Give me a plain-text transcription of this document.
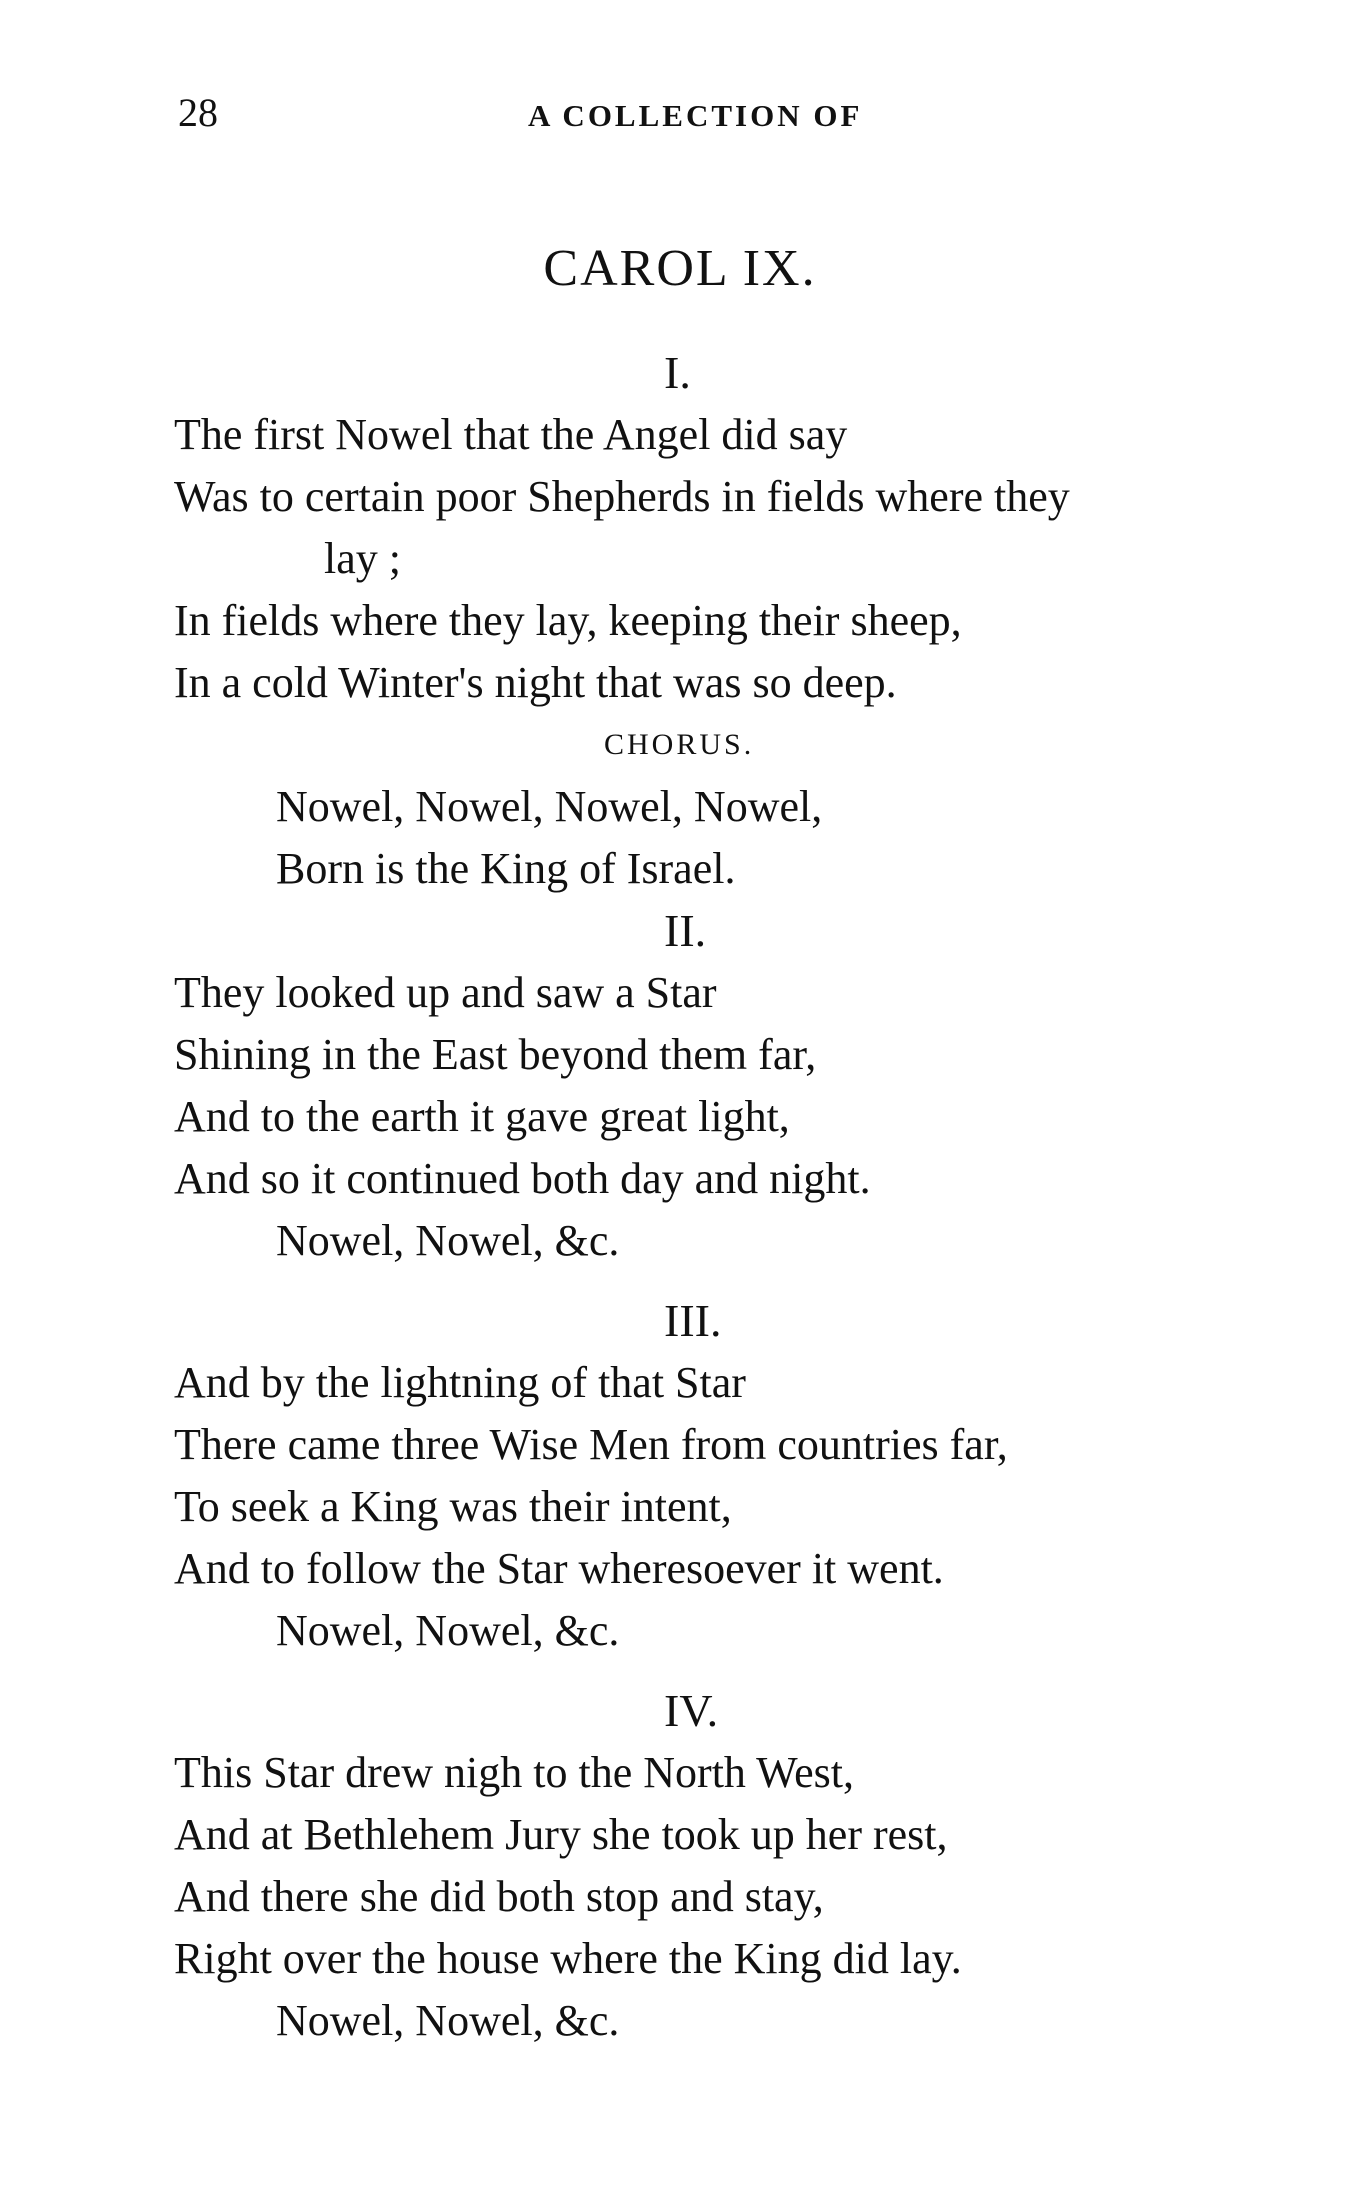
28	A COLLECTION OF
CAROL IX.
I.
The first Nowel that the Angel did say
Was to certain poor Shepherds in fields where they
lay ;
In fields where they lay, keeping their sheep,
In a cold Winter's night that was so deep.
CHORUS.
Nowel, Nowel, Nowel, Nowel,
Born is the King of Israel.
II.
They looked up and saw a Star
Shining in the East beyond them far,
And to the earth it gave great light,
And so it continued both day and night.
Nowel, Nowel, &c.
III.
And by the lightning of that Star
There came three Wise Men from countries far,
To seek a King was their intent,
And to follow the Star wheresoever it went.
Nowel, Nowel, &c.
IV.
This Star drew nigh to the North West,
And at Bethlehem Jury she took up her rest,
And there she did both stop and stay,
Right over the house where the King did lay.
Nowel, Nowel, &c.
